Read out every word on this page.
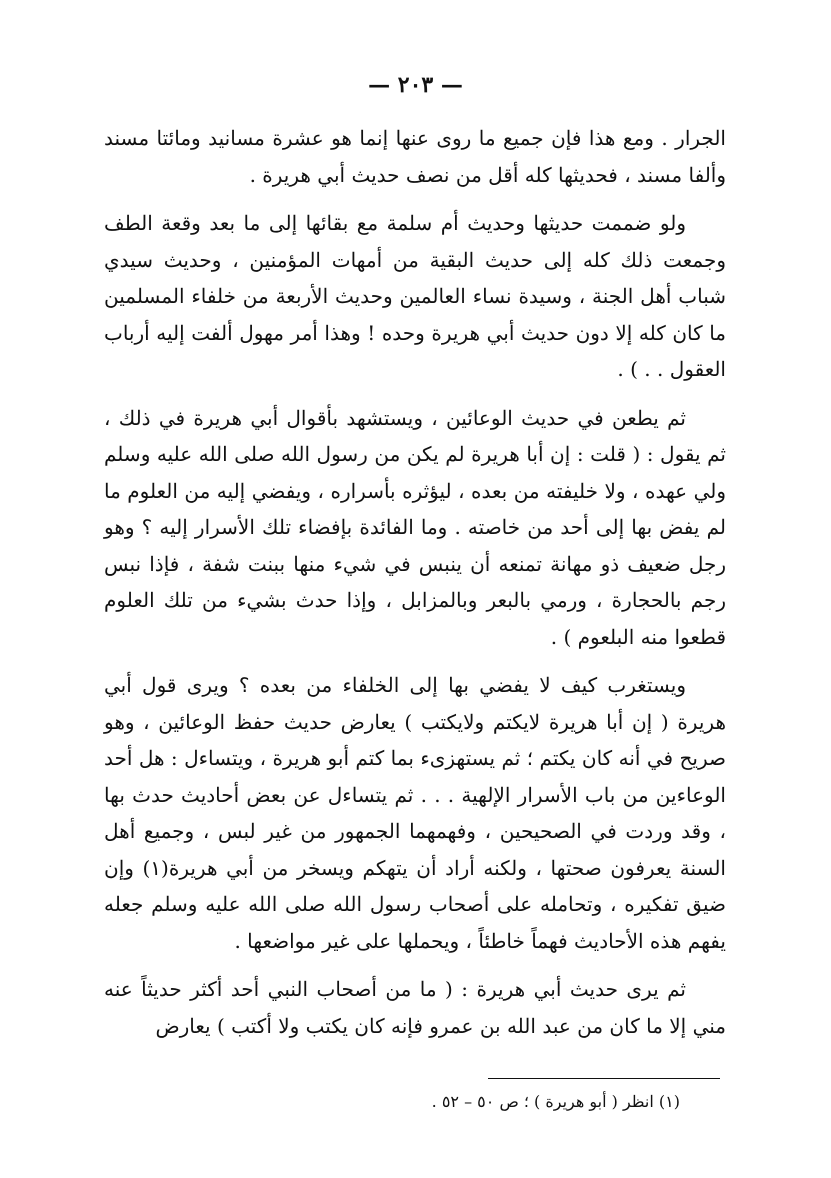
— ٢٠٣ —

الجرار . ومع هذا فإن جميع ما روى عنها إنما هو عشرة مسانيد ومائتا مسند وألفا مسند ، فحديثها كله أقل من نصف حديث أبي هريرة .

ولو ضممت حديثها وحديث أم سلمة مع بقائها إلى ما بعد وقعة الطف وجمعت ذلك كله إلى حديث البقية من أمهات المؤمنين ، وحديث سيدي شباب أهل الجنة ، وسيدة نساء العالمين وحديث الأربعة من خلفاء المسلمين ما كان كله إلا دون حديث أبي هريرة وحده ! وهذا أمر مهول ألفت إليه أرباب العقول . . ) .

ثم يطعن في حديث الوعائين ، ويستشهد بأقوال أبي هريرة في ذلك ، ثم يقول : ( قلت : إن أبا هريرة لم يكن من رسول الله صلى الله عليه وسلم ولي عهده ، ولا خليفته من بعده ، ليؤثره بأسراره ، ويفضي إليه من العلوم ما لم يفض بها إلى أحد من خاصته . وما الفائدة بإفضاء تلك الأسرار إليه ؟ وهو رجل ضعيف ذو مهانة تمنعه أن ينبس في شيء منها ببنت شفة ، فإذا نبس رجم بالحجارة ، ورمي بالبعر وبالمزابل ، وإذا حدث بشيء من تلك العلوم قطعوا منه البلعوم ) .

ويستغرب كيف لا يفضي بها إلى الخلفاء من بعده ؟ ويرى قول أبي هريرة ( إن أبا هريرة لايكتم ولايكتب ) يعارض حديث حفظ الوعائين ، وهو صريح في أنه كان يكتم ؛ ثم يستهزىء بما كتم أبو هريرة ، ويتساءل : هل أحد الوعاءين من باب الأسرار الإلهية . . . ثم يتساءل عن بعض أحاديث حدث بها ، وقد وردت في الصحيحين ، وفهمهما الجمهور من غير لبس ، وجميع أهل السنة يعرفون صحتها ، ولكنه أراد أن يتهكم ويسخر من أبي هريرة(١) وإن ضيق تفكيره ، وتحامله على أصحاب رسول الله صلى الله عليه وسلم جعله يفهم هذه الأحاديث فهماً خاطئاً ، ويحملها على غير مواضعها .

ثم يرى حديث أبي هريرة : ( ما من أصحاب النبي أحد أكثر حديثاً عنه مني إلا ما كان من عبد الله بن عمرو فإنه كان يكتب ولا أكتب ) يعارض

(١) انظر ( أبو هريرة ) ؛ ص ٥٠ – ٥٢ .
